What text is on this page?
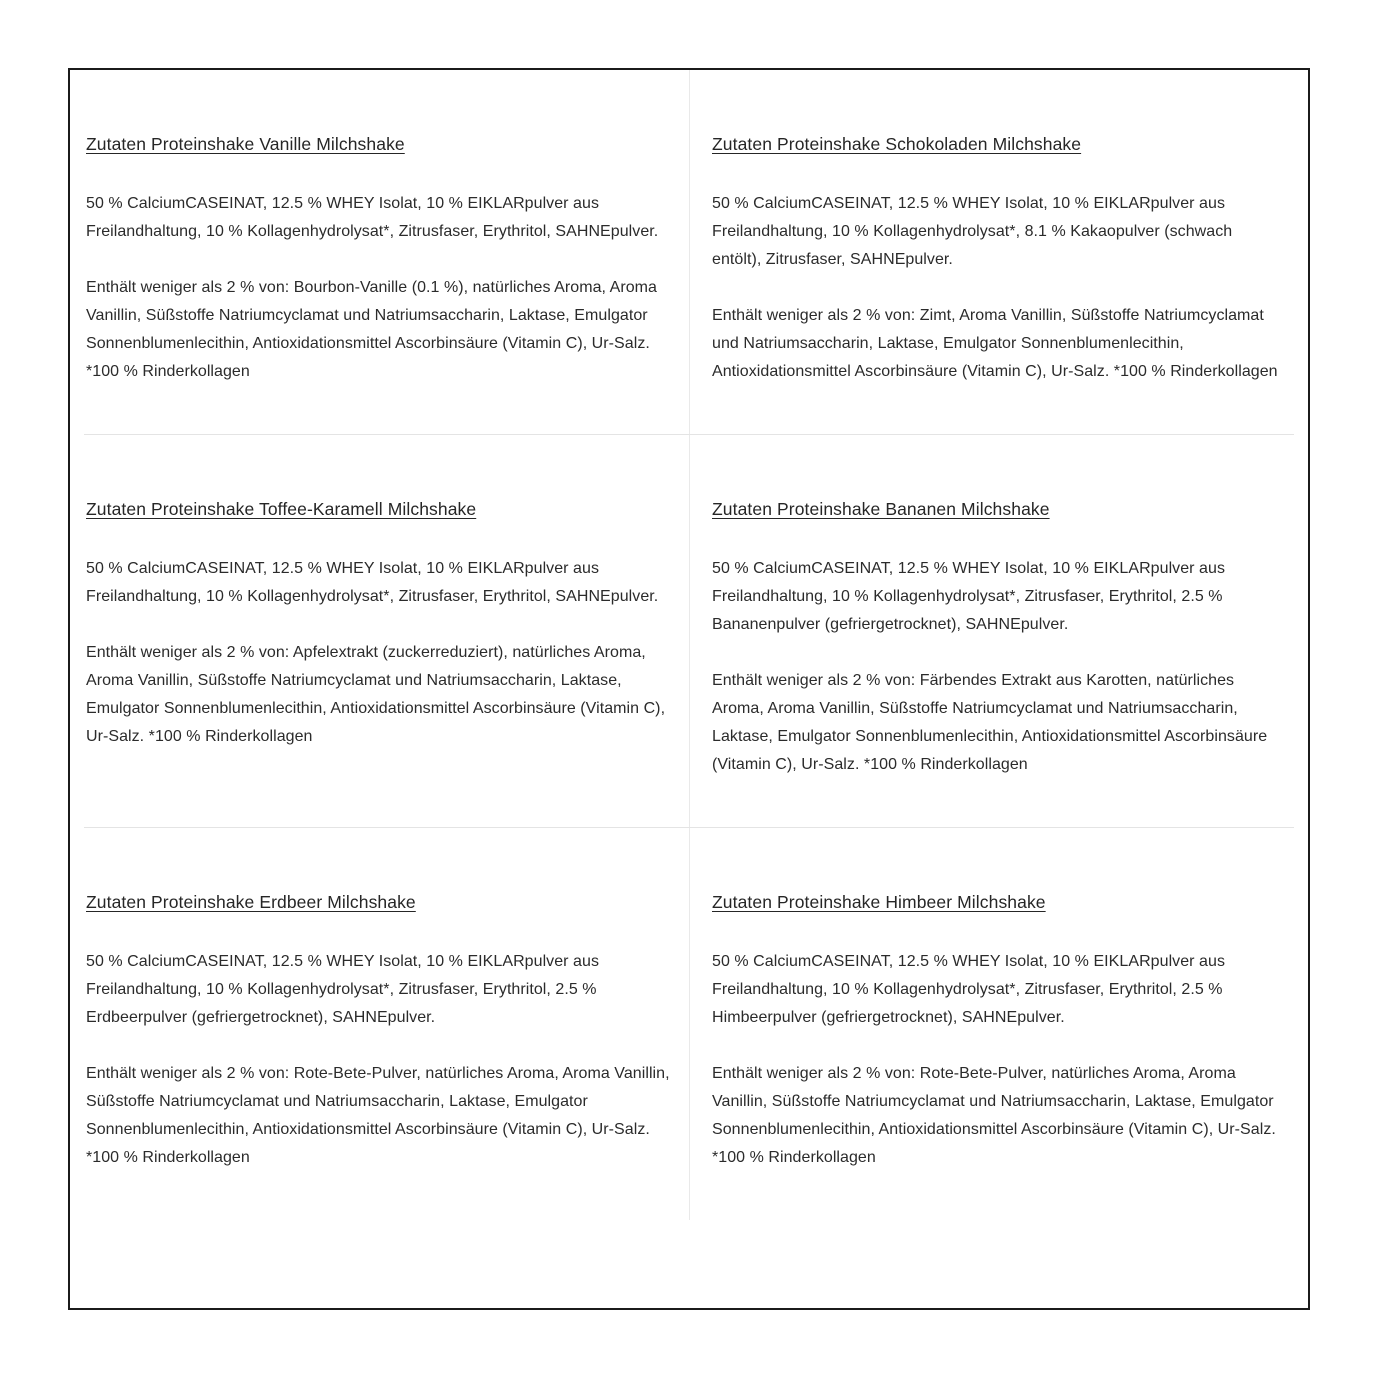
Zutaten Proteinshake Vanille Milchshake

50 % CalciumCASEINAT, 12.5 % WHEY Isolat, 10 % EIKLARpulver aus Freilandhaltung, 10 % Kollagenhydrolysat*, Zitrusfaser, Erythritol, SAHNEpulver.

Enthält weniger als 2 % von: Bourbon-Vanille (0.1 %), natürliches Aroma, Aroma Vanillin, Süßstoffe Natriumcyclamat und Natriumsaccharin, Laktase, Emulgator Sonnenblumenlecithin, Antioxidationsmittel Ascorbinsäure (Vitamin C), Ur-Salz. *100 % Rinderkollagen

Zutaten Proteinshake Schokoladen Milchshake

50 % CalciumCASEINAT, 12.5 % WHEY Isolat, 10 % EIKLARpulver aus Freilandhaltung, 10 % Kollagenhydrolysat*, 8.1 % Kakaopulver (schwach entölt), Zitrusfaser, SAHNEpulver.

Enthält weniger als 2 % von: Zimt, Aroma Vanillin, Süßstoffe Natriumcyclamat und Natriumsaccharin, Laktase, Emulgator Sonnenblumenlecithin, Antioxidationsmittel Ascorbinsäure (Vitamin C), Ur-Salz. *100 % Rinderkollagen

Zutaten Proteinshake Toffee-Karamell Milchshake

50 % CalciumCASEINAT, 12.5 % WHEY Isolat, 10 % EIKLARpulver aus Freilandhaltung, 10 % Kollagenhydrolysat*, Zitrusfaser, Erythritol, SAHNEpulver.

Enthält weniger als 2 % von: Apfelextrakt (zuckerreduziert), natürliches Aroma, Aroma Vanillin, Süßstoffe Natriumcyclamat und Natriumsaccharin, Laktase, Emulgator Sonnenblumenlecithin, Antioxidationsmittel Ascorbinsäure (Vitamin C), Ur-Salz. *100 % Rinderkollagen

Zutaten Proteinshake Bananen Milchshake

50 % CalciumCASEINAT, 12.5 % WHEY Isolat, 10 % EIKLARpulver aus Freilandhaltung, 10 % Kollagenhydrolysat*, Zitrusfaser, Erythritol, 2.5 % Bananenpulver (gefriergetrocknet), SAHNEpulver.

Enthält weniger als 2 % von: Färbendes Extrakt aus Karotten, natürliches Aroma, Aroma Vanillin, Süßstoffe Natriumcyclamat und Natriumsaccharin, Laktase, Emulgator Sonnenblumenlecithin, Antioxidationsmittel Ascorbinsäure (Vitamin C), Ur-Salz. *100 % Rinderkollagen

Zutaten Proteinshake Erdbeer Milchshake

50 % CalciumCASEINAT, 12.5 % WHEY Isolat, 10 % EIKLARpulver aus Freilandhaltung, 10 % Kollagenhydrolysat*, Zitrusfaser, Erythritol, 2.5 % Erdbeerpulver (gefriergetrocknet), SAHNEpulver.

Enthält weniger als 2 % von: Rote-Bete-Pulver, natürliches Aroma, Aroma Vanillin, Süßstoffe Natriumcyclamat und Natriumsaccharin, Laktase, Emulgator Sonnenblumenlecithin, Antioxidationsmittel Ascorbinsäure (Vitamin C), Ur-Salz. *100 % Rinderkollagen

Zutaten Proteinshake Himbeer Milchshake

50 % CalciumCASEINAT, 12.5 % WHEY Isolat, 10 % EIKLARpulver aus Freilandhaltung, 10 % Kollagenhydrolysat*, Zitrusfaser, Erythritol, 2.5 % Himbeerpulver (gefriergetrocknet), SAHNEpulver.

Enthält weniger als 2 % von: Rote-Bete-Pulver, natürliches Aroma, Aroma Vanillin, Süßstoffe Natriumcyclamat und Natriumsaccharin, Laktase, Emulgator Sonnenblumenlecithin, Antioxidationsmittel Ascorbinsäure (Vitamin C), Ur-Salz. *100 % Rinderkollagen
